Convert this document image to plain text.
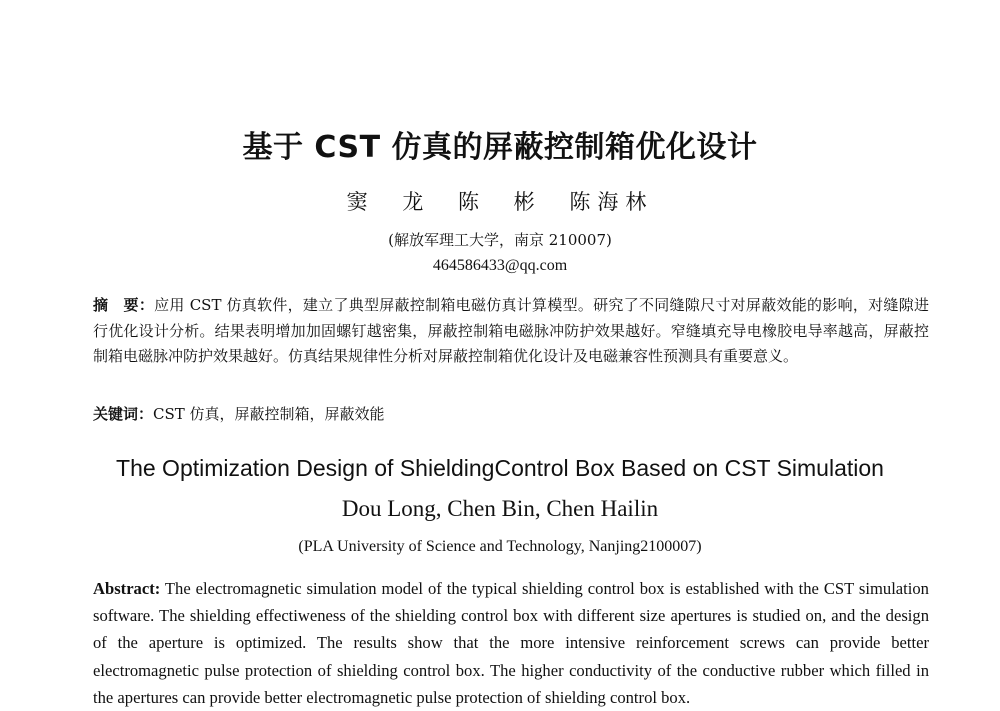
基于 CST 仿真的屏蔽控制箱优化设计
窦 龙 陈 彬 陈海林
(解放军理工大学，南京 210007)
464586433@qq.com
摘　要：应用 CST 仿真软件，建立了典型屏蔽控制箱电磁仿真计算模型。研究了不同缝隙尺寸对屏蔽效能的影响，对缝隙进行优化设计分析。结果表明增加加固螺钉越密集，屏蔽控制箱电磁脉冲防护效果越好。窄缝填充导电橡胶电导率越高，屏蔽控制箱电磁脉冲防护效果越好。仿真结果规律性分析对屏蔽控制箱优化设计及电磁兼容性预测具有重要意义。
关键词：CST 仿真，屏蔽控制箱，屏蔽效能
The Optimization Design of ShieldingControl Box Based on CST Simulation
Dou Long, Chen Bin, Chen Hailin
(PLA University of Science and Technology, Nanjing2100007)
Abstract: The electromagnetic simulation model of the typical shielding control box is established with the CST simulation software. The shielding effectiweness of the shielding control box with different size apertures is studied on, and the design of the aperture is optimized. The results show that the more intensive reinforcement screws can provide better electromagnetic pulse protection of shielding control box. The higher conductivity of the conductive rubber which filled in the apertures can provide better electromagnetic pulse protection of shielding control box.
